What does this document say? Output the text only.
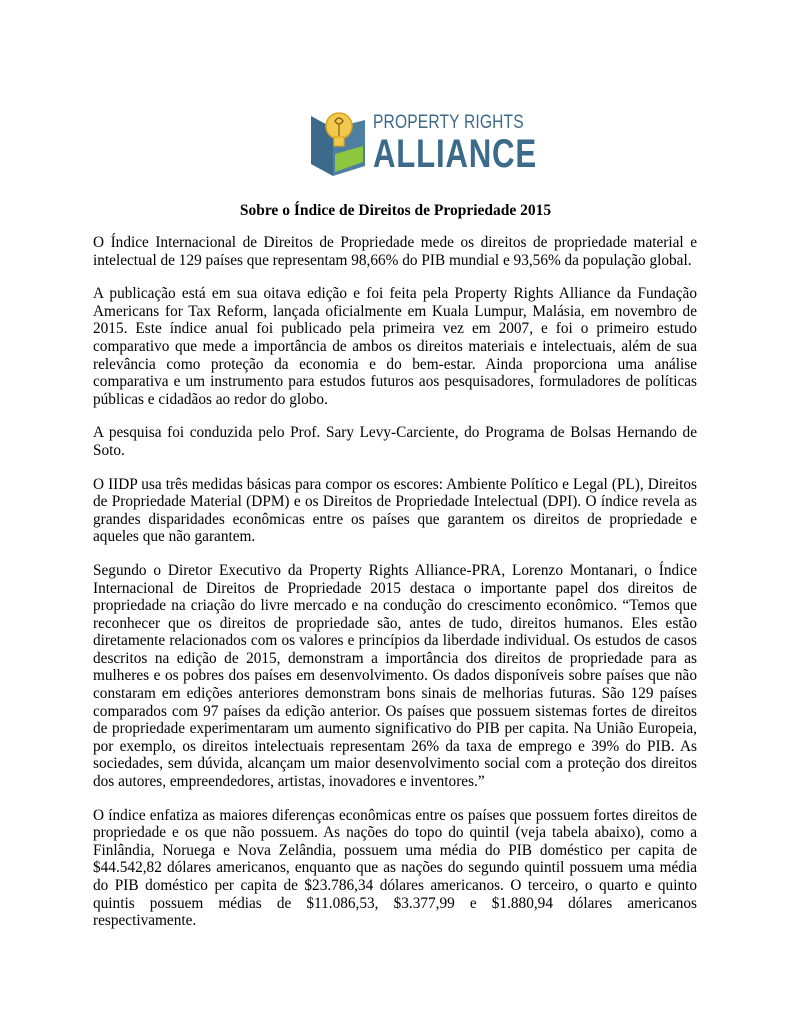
PROPERTY RIGHTS
ALLIANCE
Sobre o Índice de Direitos de Propriedade 2015

O Índice Internacional de Direitos de Propriedade mede os direitos de propriedade material e intelectual de 129 países que representam 98,66% do PIB mundial e 93,56% da população global.

A publicação está em sua oitava edição e foi feita pela Property Rights Alliance da Fundação Americans for Tax Reform, lançada oficialmente em Kuala Lumpur, Malásia, em novembro de 2015. Este índice anual foi publicado pela primeira vez em 2007, e foi o primeiro estudo comparativo que mede a importância de ambos os direitos materiais e intelectuais, além de sua relevância como proteção da economia e do bem-estar. Ainda proporciona uma análise comparativa e um instrumento para estudos futuros aos pesquisadores, formuladores de políticas públicas e cidadãos ao redor do globo.

A pesquisa foi conduzida pelo Prof. Sary Levy-Carciente, do Programa de Bolsas Hernando de Soto.

O IIDP usa três medidas básicas para compor os escores: Ambiente Político e Legal (PL), Direitos de Propriedade Material (DPM) e os Direitos de Propriedade Intelectual (DPI). O índice revela as grandes disparidades econômicas entre os países que garantem os direitos de propriedade e aqueles que não garantem.

Segundo o Diretor Executivo da Property Rights Alliance-PRA, Lorenzo Montanari, o Índice Internacional de Direitos de Propriedade 2015 destaca o importante papel dos direitos de propriedade na criação do livre mercado e na condução do crescimento econômico. “Temos que reconhecer que os direitos de propriedade são, antes de tudo, direitos humanos. Eles estão diretamente relacionados com os valores e princípios da liberdade individual. Os estudos de casos descritos na edição de 2015, demonstram a importância dos direitos de propriedade para as mulheres e os pobres dos países em desenvolvimento. Os dados disponíveis sobre países que não constaram em edições anteriores demonstram bons sinais de melhorias futuras. São 129 países comparados com 97 países da edição anterior. Os países que possuem sistemas fortes de direitos de propriedade experimentaram um aumento significativo do PIB per capita. Na União Europeia, por exemplo, os direitos intelectuais representam 26% da taxa de emprego e 39% do PIB. As sociedades, sem dúvida, alcançam um maior desenvolvimento social com a proteção dos direitos dos autores, empreendedores, artistas, inovadores e inventores.”

O índice enfatiza as maiores diferenças econômicas entre os países que possuem fortes direitos de propriedade e os que não possuem. As nações do topo do quintil (veja tabela abaixo), como a Finlândia, Noruega e Nova Zelândia, possuem uma média do PIB doméstico per capita de $44.542,82 dólares americanos, enquanto que as nações do segundo quintil possuem uma média do PIB doméstico per capita de $23.786,34 dólares americanos. O terceiro, o quarto e quinto quintis possuem médias de $11.086,53, $3.377,99 e $1.880,94 dólares americanos respectivamente.
